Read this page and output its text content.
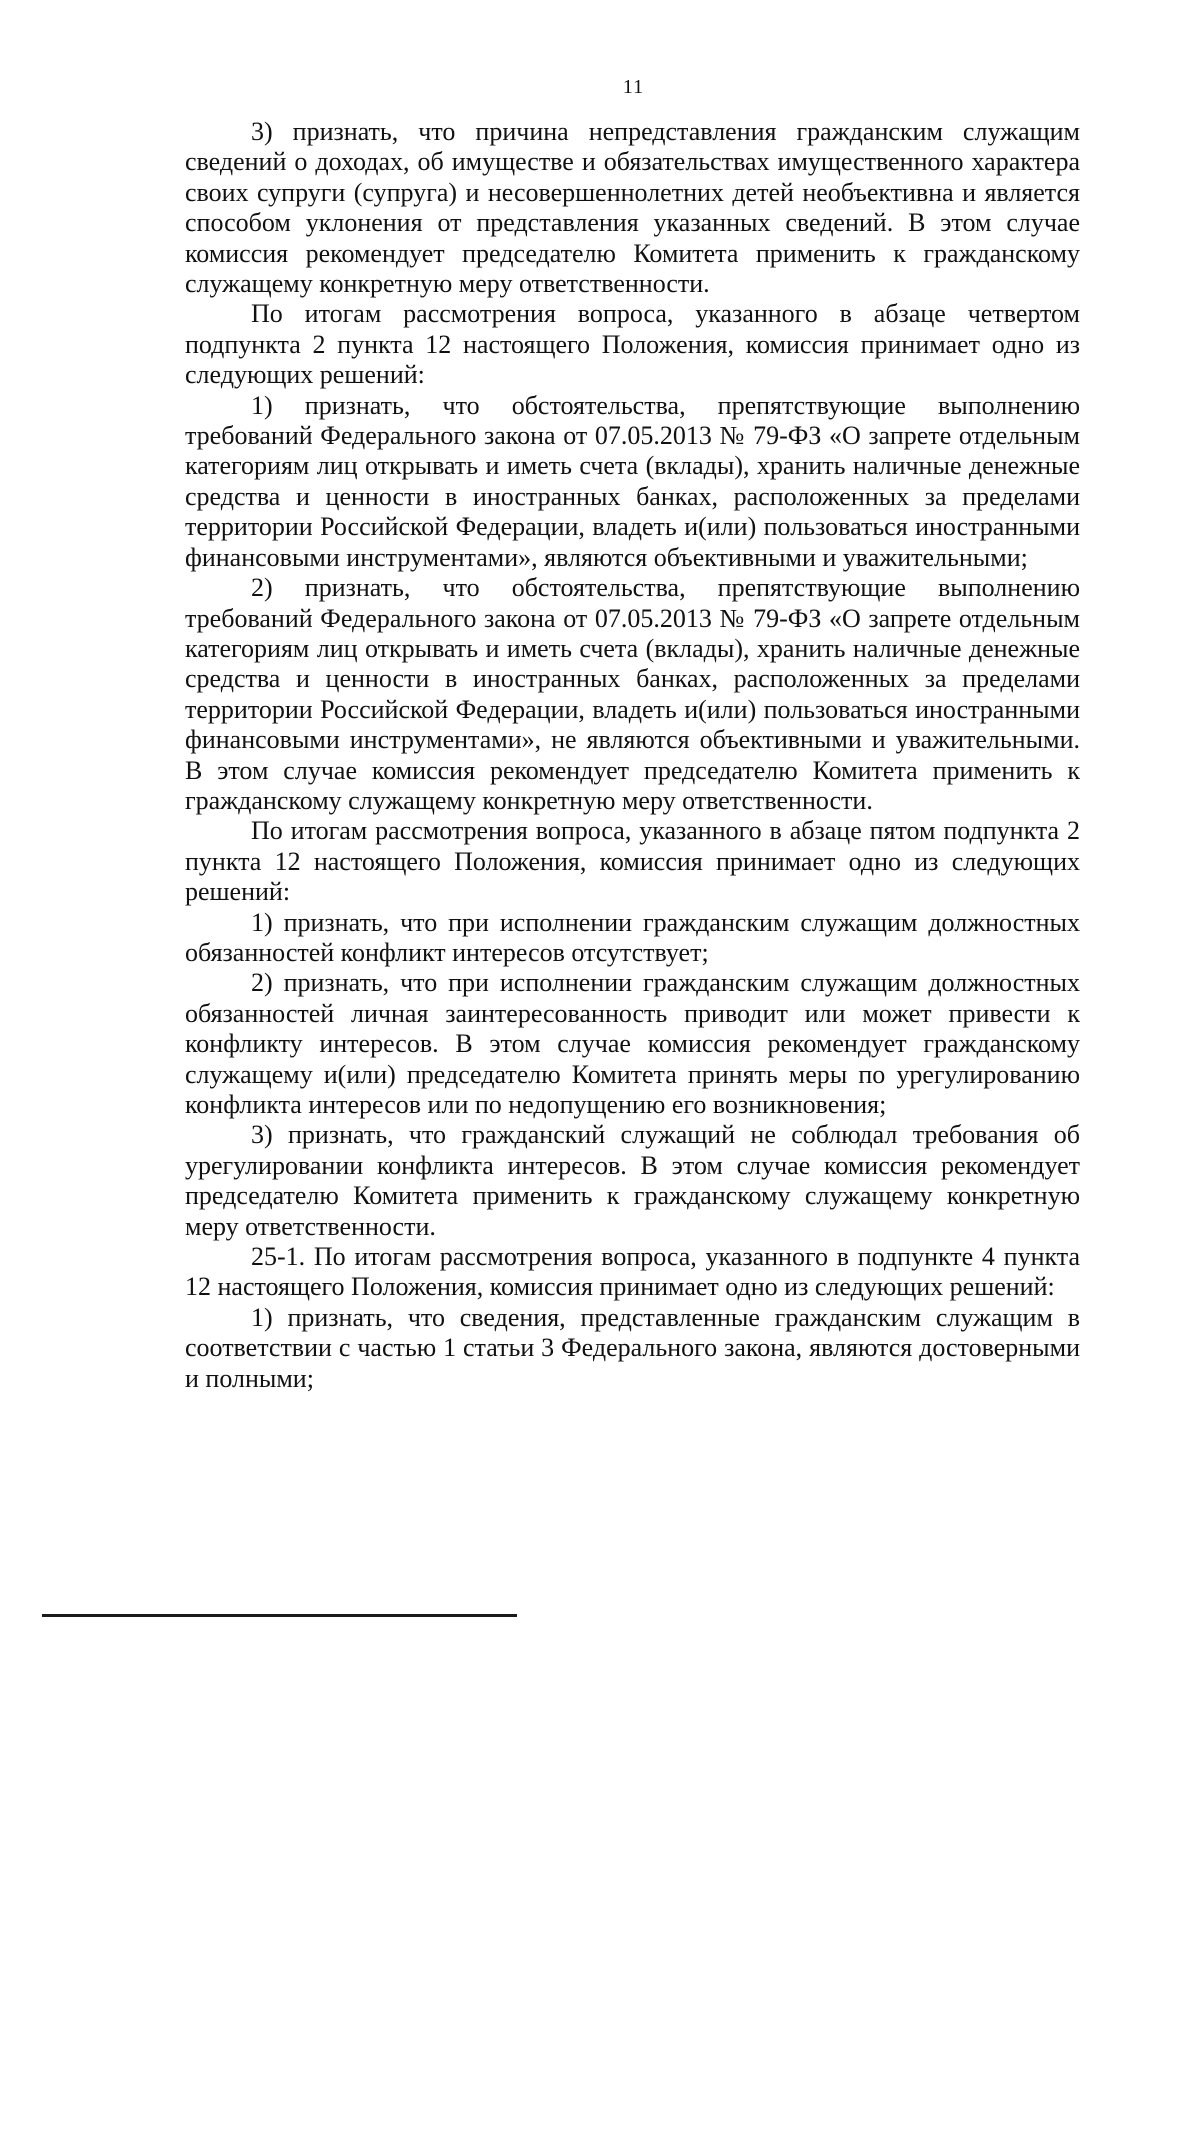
11

3) признать, что причина непредставления гражданским служащим сведений о доходах, об имуществе и обязательствах имущественного характера своих супруги (супруга) и несовершеннолетних детей необъективна и является способом уклонения от представления указанных сведений. В этом случае комиссия рекомендует председателю Комитета применить к гражданскому служащему конкретную меру ответственности.

По итогам рассмотрения вопроса, указанного в абзаце четвертом подпункта 2 пункта 12 настоящего Положения, комиссия принимает одно из следующих решений:

1) признать, что обстоятельства, препятствующие выполнению требований Федерального закона от 07.05.2013 № 79-ФЗ «О запрете отдельным категориям лиц открывать и иметь счета (вклады), хранить наличные денежные средства и ценности в иностранных банках, расположенных за пределами территории Российской Федерации, владеть и(или) пользоваться иностранными финансовыми инструментами», являются объективными и уважительными;

2) признать, что обстоятельства, препятствующие выполнению требований Федерального закона от 07.05.2013 № 79-ФЗ «О запрете отдельным категориям лиц открывать и иметь счета (вклады), хранить наличные денежные средства и ценности в иностранных банках, расположенных за пределами территории Российской Федерации, владеть и(или) пользоваться иностранными финансовыми инструментами», не являются объективными и уважительными. В этом случае комиссия рекомендует председателю Комитета применить к гражданскому служащему конкретную меру ответственности.

По итогам рассмотрения вопроса, указанного в абзаце пятом подпункта 2 пункта 12 настоящего Положения, комиссия принимает одно из следующих решений:

1) признать, что при исполнении гражданским служащим должностных обязанностей конфликт интересов отсутствует;

2) признать, что при исполнении гражданским служащим должностных обязанностей личная заинтересованность приводит или может привести к конфликту интересов. В этом случае комиссия рекомендует гражданскому служащему и(или) председателю Комитета принять меры по урегулированию конфликта интересов или по недопущению его возникновения;

3) признать, что гражданский служащий не соблюдал требования об урегулировании конфликта интересов. В этом случае комиссия рекомендует председателю Комитета применить к гражданскому служащему конкретную меру ответственности.

25-1. По итогам рассмотрения вопроса, указанного в подпункте 4 пункта 12 настоящего Положения, комиссия принимает одно из следующих решений:

1) признать, что сведения, представленные гражданским служащим в соответствии с частью 1 статьи 3 Федерального закона, являются достоверными и полными;
